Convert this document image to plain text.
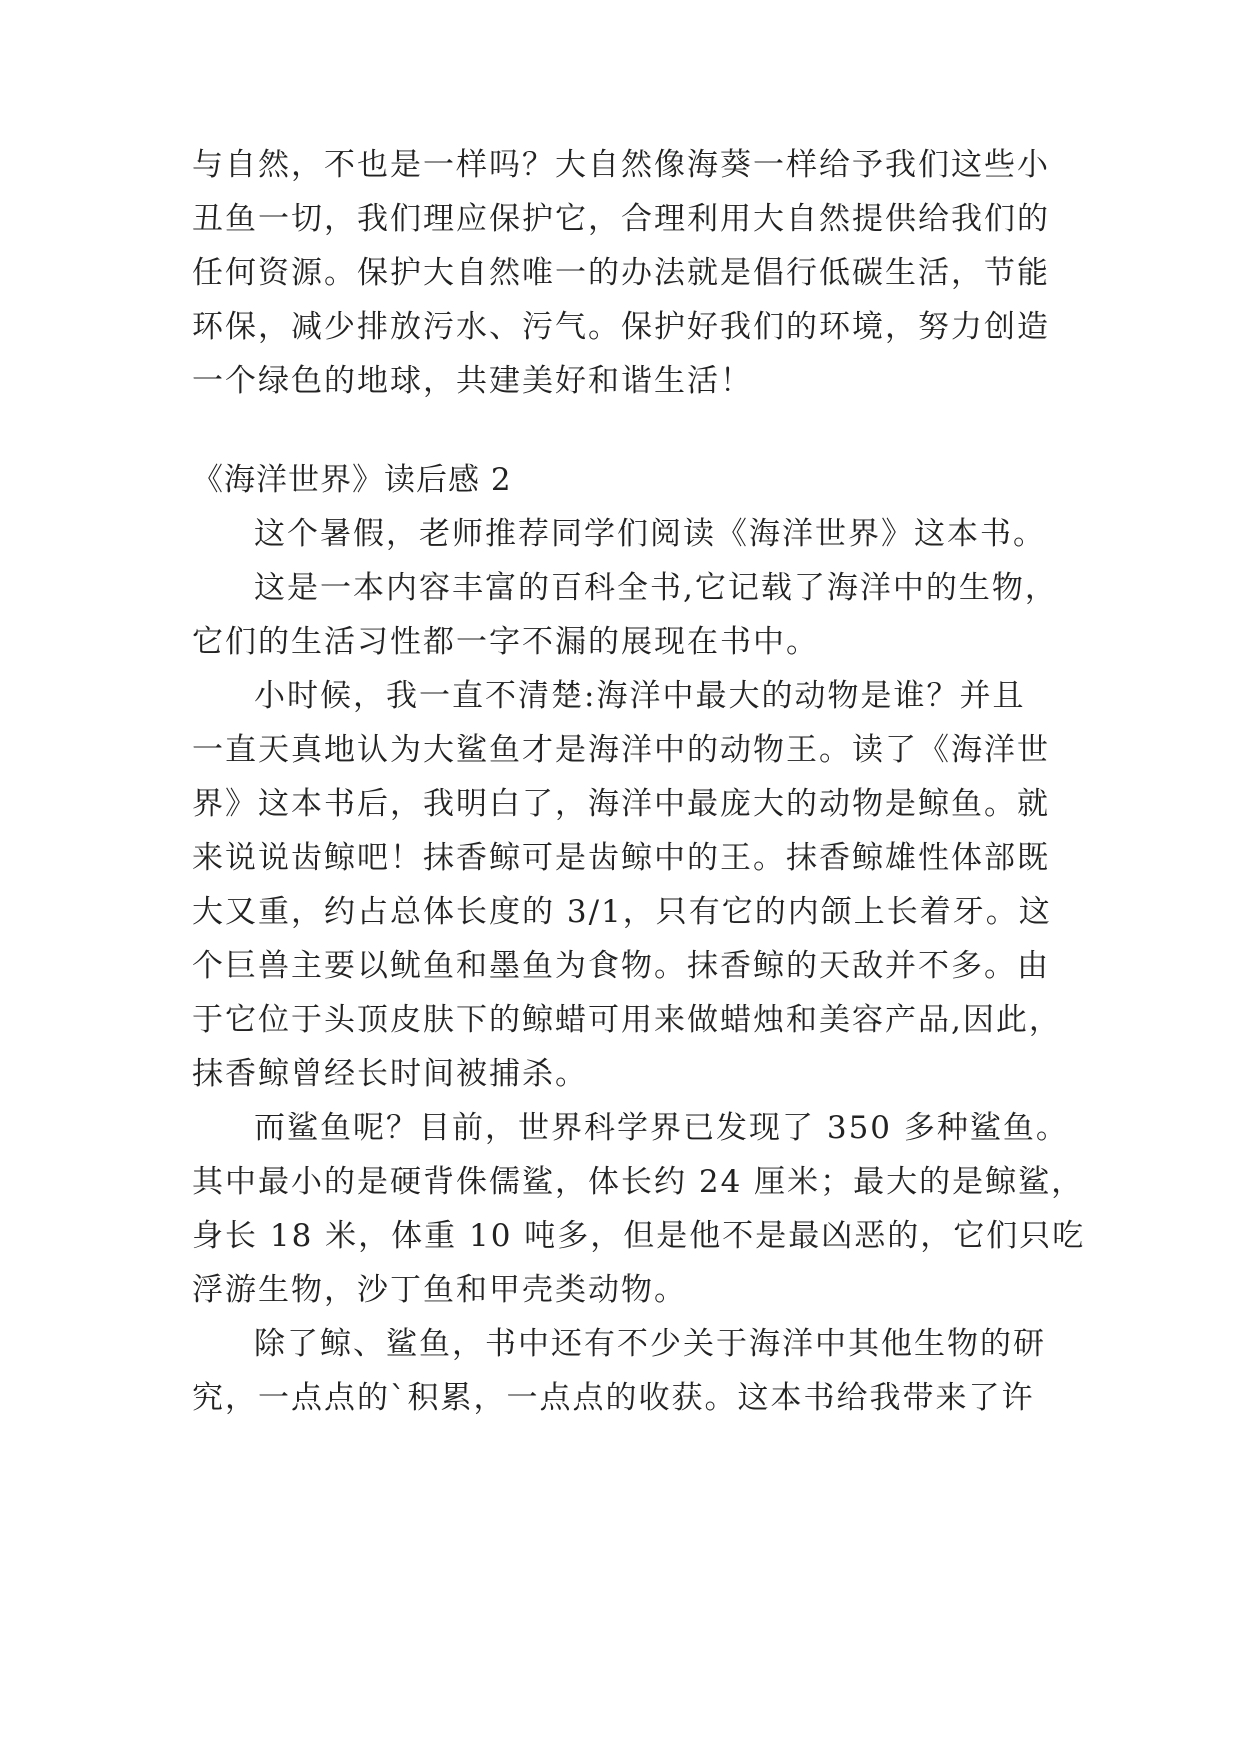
与自然，不也是一样吗？大自然像海葵一样给予我们这些小
丑鱼一切，我们理应保护它，合理利用大自然提供给我们的
任何资源。保护大自然唯一的办法就是倡行低碳生活，节能
环保，减少排放污水、污气。保护好我们的环境，努力创造
一个绿色的地球，共建美好和谐生活！
《海洋世界》读后感 2
这个暑假，老师推荐同学们阅读《海洋世界》这本书。
这是一本内容丰富的百科全书,它记载了海洋中的生物，
它们的生活习性都一字不漏的展现在书中。
小时候，我一直不清楚:海洋中最大的动物是谁？并且
一直天真地认为大鲨鱼才是海洋中的动物王。读了《海洋世
界》这本书后，我明白了，海洋中最庞大的动物是鲸鱼。就
来说说齿鲸吧！抹香鲸可是齿鲸中的王。抹香鲸雄性体部既
大又重，约占总体长度的 3/1，只有它的内颌上长着牙。这
个巨兽主要以鱿鱼和墨鱼为食物。抹香鲸的天敌并不多。由
于它位于头顶皮肤下的鲸蜡可用来做蜡烛和美容产品,因此，
抹香鲸曾经长时间被捕杀。
而鲨鱼呢？目前，世界科学界已发现了 350 多种鲨鱼。
其中最小的是硬背侏儒鲨，体长约 24 厘米；最大的是鲸鲨，
身长 18 米，体重 10 吨多，但是他不是最凶恶的，它们只吃
浮游生物，沙丁鱼和甲壳类动物。
除了鲸、鲨鱼，书中还有不少关于海洋中其他生物的研
究，一点点的`积累，一点点的收获。这本书给我带来了许
